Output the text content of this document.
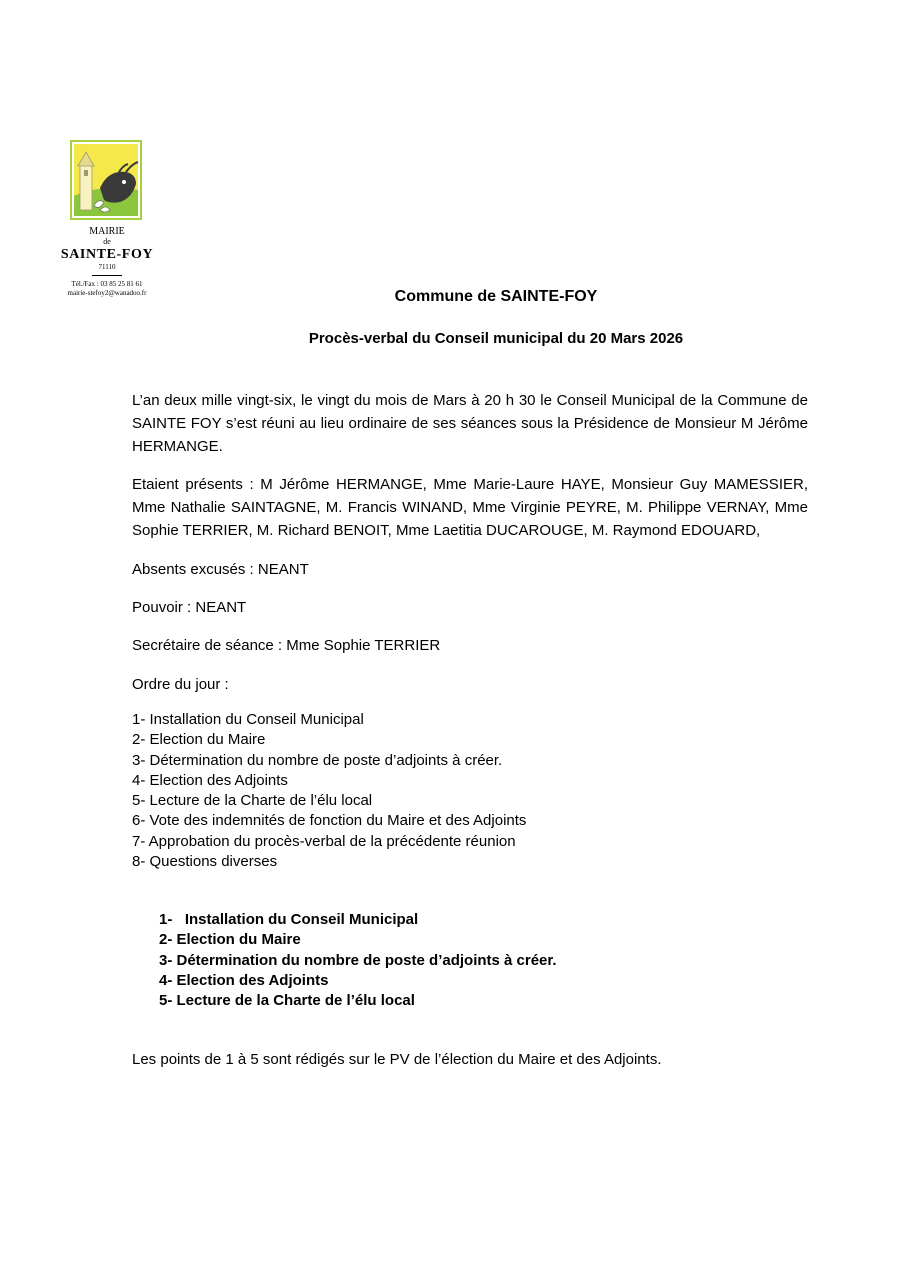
MAIRIE
de
SAINTE-FOY
71110
Tél./Fax : 03 85 25 81 61
mairie-stefoy2@wanadoo.fr	Commune de SAINTE-FOY
Procès-verbal du Conseil municipal du 20 Mars 2026
L’an deux mille vingt-six, le vingt du mois de Mars à 20 h 30 le Conseil Municipal de la Commune de SAINTE FOY s’est réuni au lieu ordinaire de ses séances sous la Présidence de Monsieur M Jérôme HERMANGE.
Etaient présents : M Jérôme HERMANGE, Mme Marie-Laure HAYE, Monsieur Guy MAMESSIER, Mme Nathalie SAINTAGNE, M. Francis WINAND, Mme Virginie PEYRE, M. Philippe VERNAY, Mme Sophie TERRIER, M. Richard BENOIT, Mme Laetitia DUCAROUGE, M. Raymond EDOUARD,
Absents excusés : NEANT
Pouvoir : NEANT
Secrétaire de séance : Mme Sophie TERRIER
Ordre du jour :
1- Installation du Conseil Municipal
2- Election du Maire
3- Détermination du nombre de poste d’adjoints à créer.
4- Election des Adjoints
5- Lecture de la Charte de l’élu local
6- Vote des indemnités de fonction du Maire et des Adjoints
7- Approbation du procès-verbal de la précédente réunion
8- Questions diverses
1-   Installation du Conseil Municipal
2- Election du Maire
3- Détermination du nombre de poste d’adjoints à créer.
4- Election des Adjoints
5- Lecture de la Charte de l’élu local
Les points de 1 à 5 sont rédigés sur le PV de l’élection du Maire et des Adjoints.
